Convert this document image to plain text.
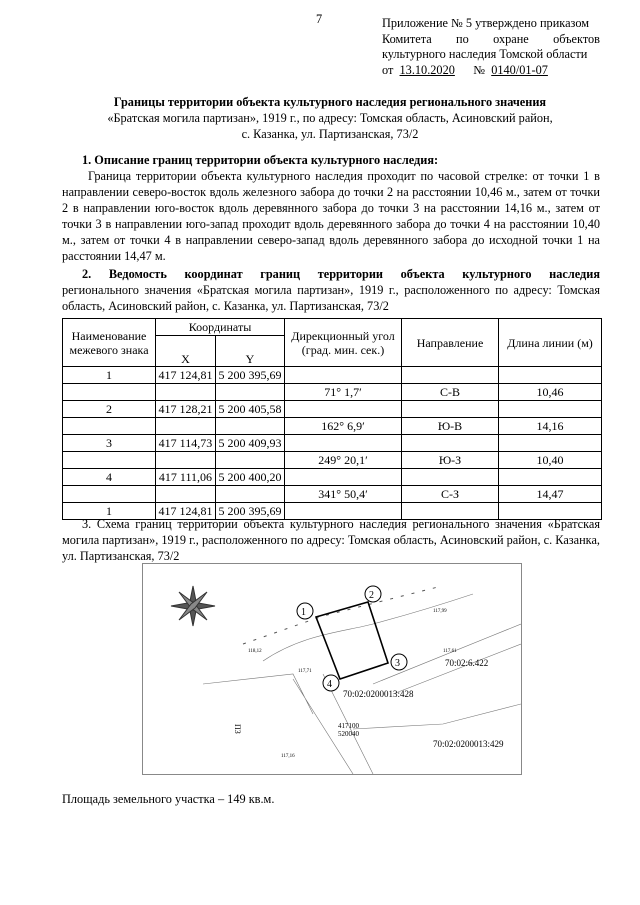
7	Приложение № 5 утверждено приказом
Комитета по охране объектов
культурного наследия Томской области
от 13.10.2020 № 0140/01-07
Границы территории объекта культурного наследия регионального значения
«Братская могила партизан», 1919 г., по адресу: Томская область, Асиновский район,
с. Казанка, ул. Партизанская, 73/2
1. Описание границ территории объекта культурного наследия:
Граница территории объекта культурного наследия проходит по часовой стрелке: от точки 1 в направлении северо-восток вдоль железного забора до точки 2 на расстоянии 10,46 м., затем от точки 2 в направлении юго-восток вдоль деревянного забора до точки 3 на расстоянии 14,16 м., затем от точки 3 в направлении юго-запад проходит вдоль деревянного забора до точки 4 на расстоянии 10,40 м., затем от точки 4 в направлении северо-запад вдоль деревянного забора до исходной точки 1 на расстоянии 14,47 м.
2. Ведомость координат границ территории объекта культурного наследия
регионального значения «Братская могила партизан», 1919 г., расположенного по адресу: Томская область, Асиновский район, с. Казанка, ул. Партизанская, 73/2
Наименование межевого знака	Координаты		Дирекционный угол (град. мин. сек.)	Направление	Длина линии (м)
	X	Y			
1	417 124,81	5 200 395,69			
			71° 1,7′	С-В	10,46
2	417 128,21	5 200 405,58			
			162° 6,9′	Ю-В	14,16
3	417 114,73	5 200 409,93			
			249° 20,1′	Ю-З	10,40
4	417 111,06	5 200 400,20			
			341° 50,4′	С-З	14,47
1	417 124,81	5 200 395,69			
3. Схема границ территории объекта культурного наследия регионального значения «Братская могила партизан», 1919 г., расположенного по адресу: Томская область, Асиновский район, с. Казанка, ул. Партизанская, 73/2
1
2
3
4
70:02:6.422
70:02:0200013:428
70:02:0200013:429
ПЗ	417100
520040
118,12
117,99
117,61
117,71
117,16
Площадь земельного участка – 149 кв.м.
